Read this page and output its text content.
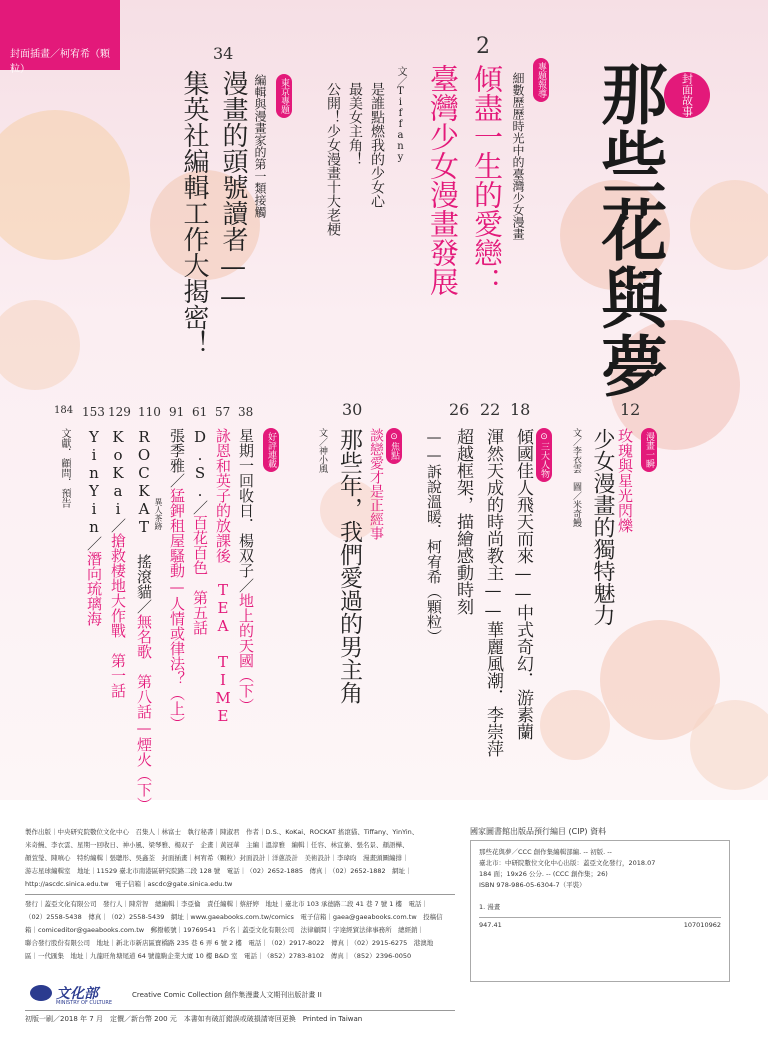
封面插畫／柯宥希（顆粒）
封面故事
那些花與夢
專題報導
2
細數歷歷時光中的臺灣少女漫畫
傾盡一生的愛戀：
臺灣少女漫畫發展
文／Tiffany
是誰點燃我的少女心
最美女主角！
公開！少女漫畫十大老梗
34
東京專題
編輯與漫畫家的第一類接觸
漫畫的頭號讀者——
集英社編輯工作大揭密！
12
漫畫一瞬
玫瑰與星光閃爍
少女漫畫的獨特魅力
文／李衣雲　圖／米奇鰻
⊙三大人物
18
傾國佳人飛天而來——中式奇幻．游素蘭
22
渾然天成的時尚教主——華麗風潮．李崇萍
26
超越框架，描繪感動時刻
——訴說溫暖．柯宥希（顆粒）
30
⊙焦點
談戀愛才是正經事
那些年，我們愛過的男主角
文／神小風
好評連載
38
星期一回收日．楊双子／地上的天國（下）
57
詠恩和英子的放課後 TEA TIME
61
D.S.／百花百色　第五話
91
張季雅／猛鉀租屋騷動—人情或律法？（上）
異人茶跡
110
ROCKAT 搖滾貓／無名歌　第八話—煙火（下）
129
KoKai／搶救棲地大作戰　第一話
153
YinYin／潛向琉璃海
184
文獻．顧問．預告
製作出版｜中央研究院數位文化中心　召集人｜林富士　執行秘書｜陳淑君　作者｜D.S.、KoKai、ROCKAT 搖滾貓、Tiffany、YinYin、
米奇鰻、李衣雲、星期一回收日、神小風、梁琴雅、楊双子　企畫｜黃冠華　主編｜溫淳雅　編輯｜任容、林宜蓁、張名景、顏語樺、
顏萱瑩、陳嗔心　特約編輯｜張聰彤、吳鑫荃　封面插畫｜柯宥希（顆粒）封面設計｜洋蔥設計　美術設計｜李瑋昀　漫畫頭圖編排｜
游志星球編輯室　地址｜11529 臺北市南港區研究院路二段 128 號　電話｜（02）2652-1885　傳真｜（02）2652-1882　網址｜
http://ascdc.sinica.edu.tw　電子信箱｜ascdc@gate.sinica.edu.tw
發行｜蓋亞文化有限公司　發行人｜陳常智　總編輯｜李亞倫　責任編輯｜蔡舒婷　地址｜臺北市 103 承德路二段 41 巷 7 號 1 樓　電話｜
（02）2558-5438　傳真｜（02）2558-5439　網址｜www.gaeabooks.com.tw/comics　電子信箱｜gaea@gaeabooks.com.tw　投稿信
箱｜comiceditor@gaeabooks.com.tw　郵撥帳號｜19769541　戶名｜蓋亞文化有限公司　法律顧問｜宇達經貿法律事務所　總經銷｜
聯合發行股份有限公司　地址｜新北市新店區寶橋路 235 巷 6 弄 6 號 2 樓　電話｜（02）2917-8022　傳真｜（02）2915-6275　港澳地
區｜一代匯集　地址｜九龍旺角塘尾道 64 號龍駒企業大廈 10 樓 B&D 室　電話｜（852）2783-8102　傳真｜（852）2396-0050
文化部
MINISTRY OF CULTURE
Creative Comic Collection 創作集漫畫人文期刊出版計畫 II
初版一刷／2018 年 7 月　定價／新台幣 200 元　本書如有破訂錯誤或破損請寄回更換　Printed in Taiwan
國家圖書館出版品預行編目 (CIP) 資料
那些花與夢／CCC 創作集編輯部編. -- 初版. --
臺北市：中研院數位文化中心出版：蓋亞文化發行，2018.07
184 面；19x26 公分. -- (CCC 創作集；26)
ISBN 978-986-05-6304-7（平裝）
1. 漫畫
947.41	107010962
